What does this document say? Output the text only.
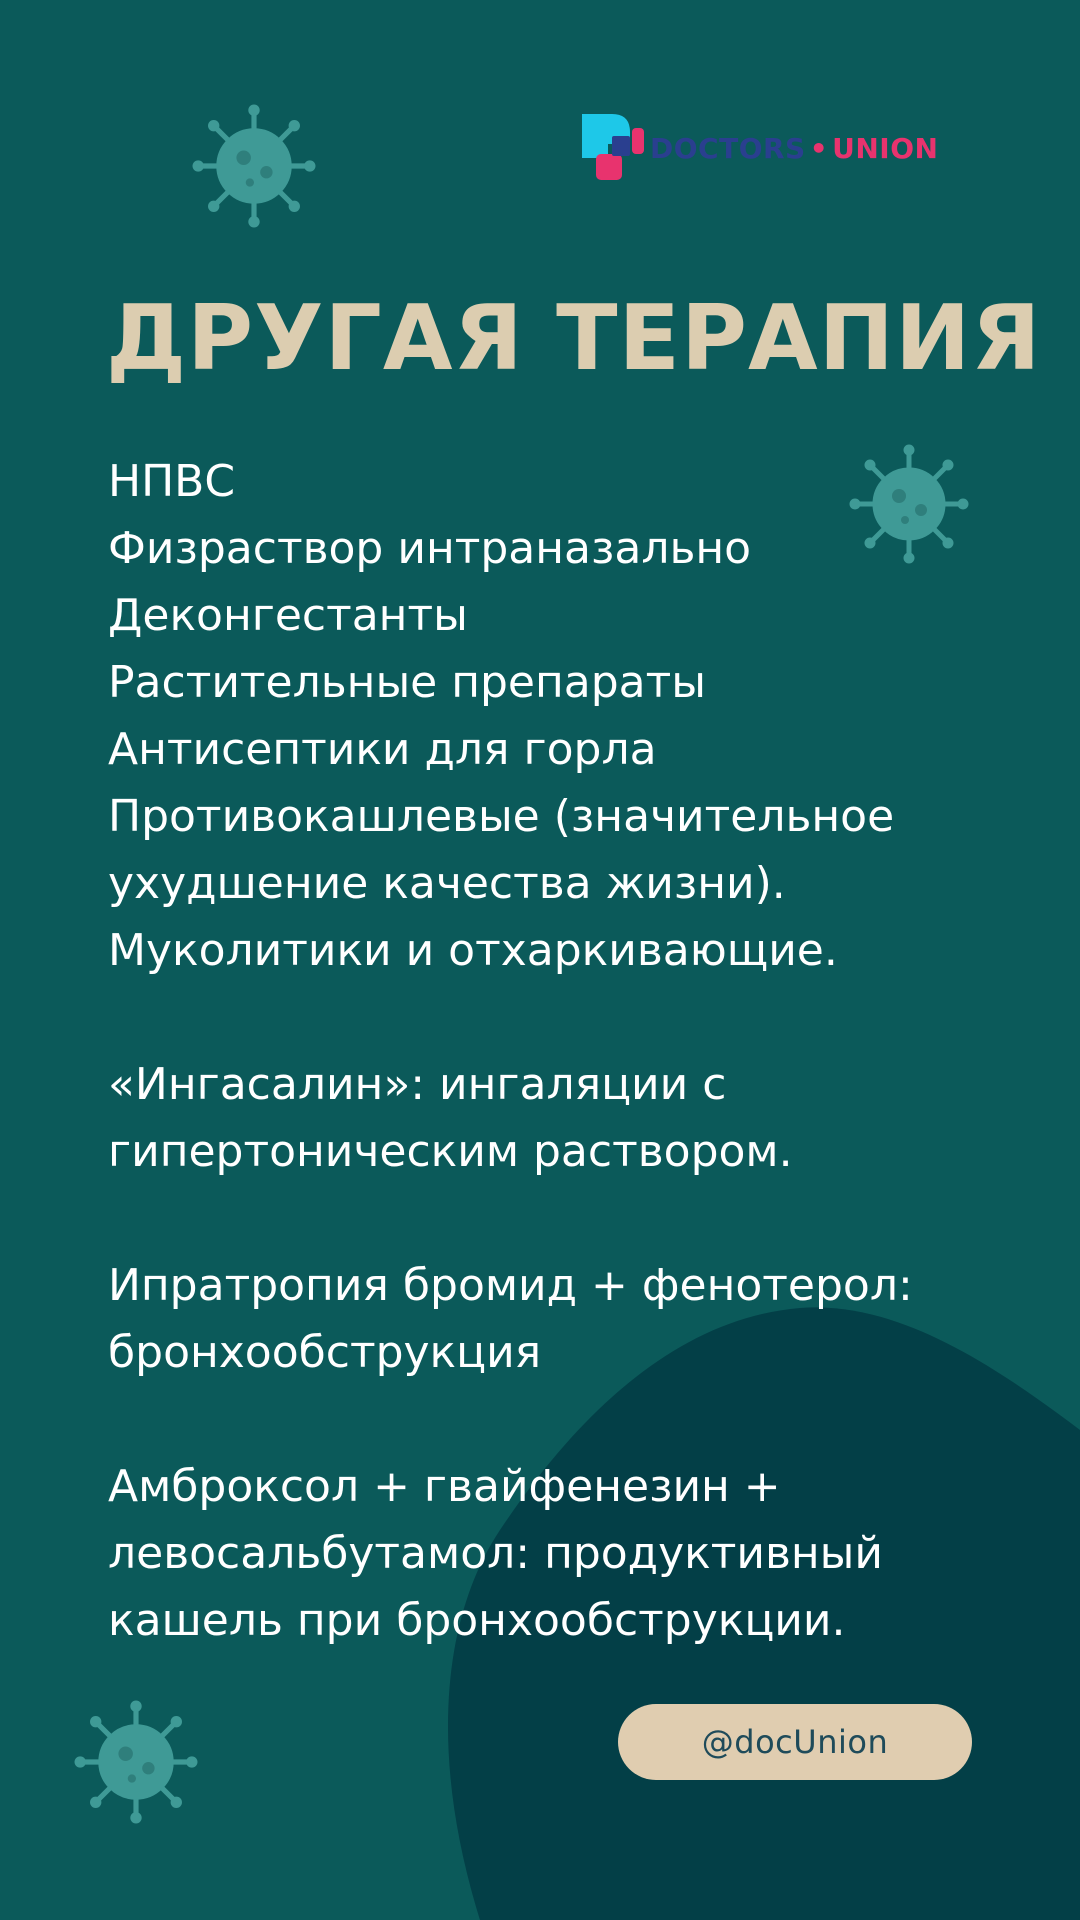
DOCTORS • UNION
ДРУГАЯ ТЕРАПИЯ
НПВС
Физраствор интраназально
Деконгестанты
Растительные препараты
Антисептики для горла
Противокашлевые (значительное
ухудшение качества жизни).
Муколитики и отхаркивающие.
«Ингасалин»: ингаляции с
гипертоническим раствором.
Ипратропия бромид + фенотерол:
бронхообструкция
Амброксол + гвайфенезин +
левосальбутамол: продуктивный
кашель при бронхообструкции.
@docUnion
